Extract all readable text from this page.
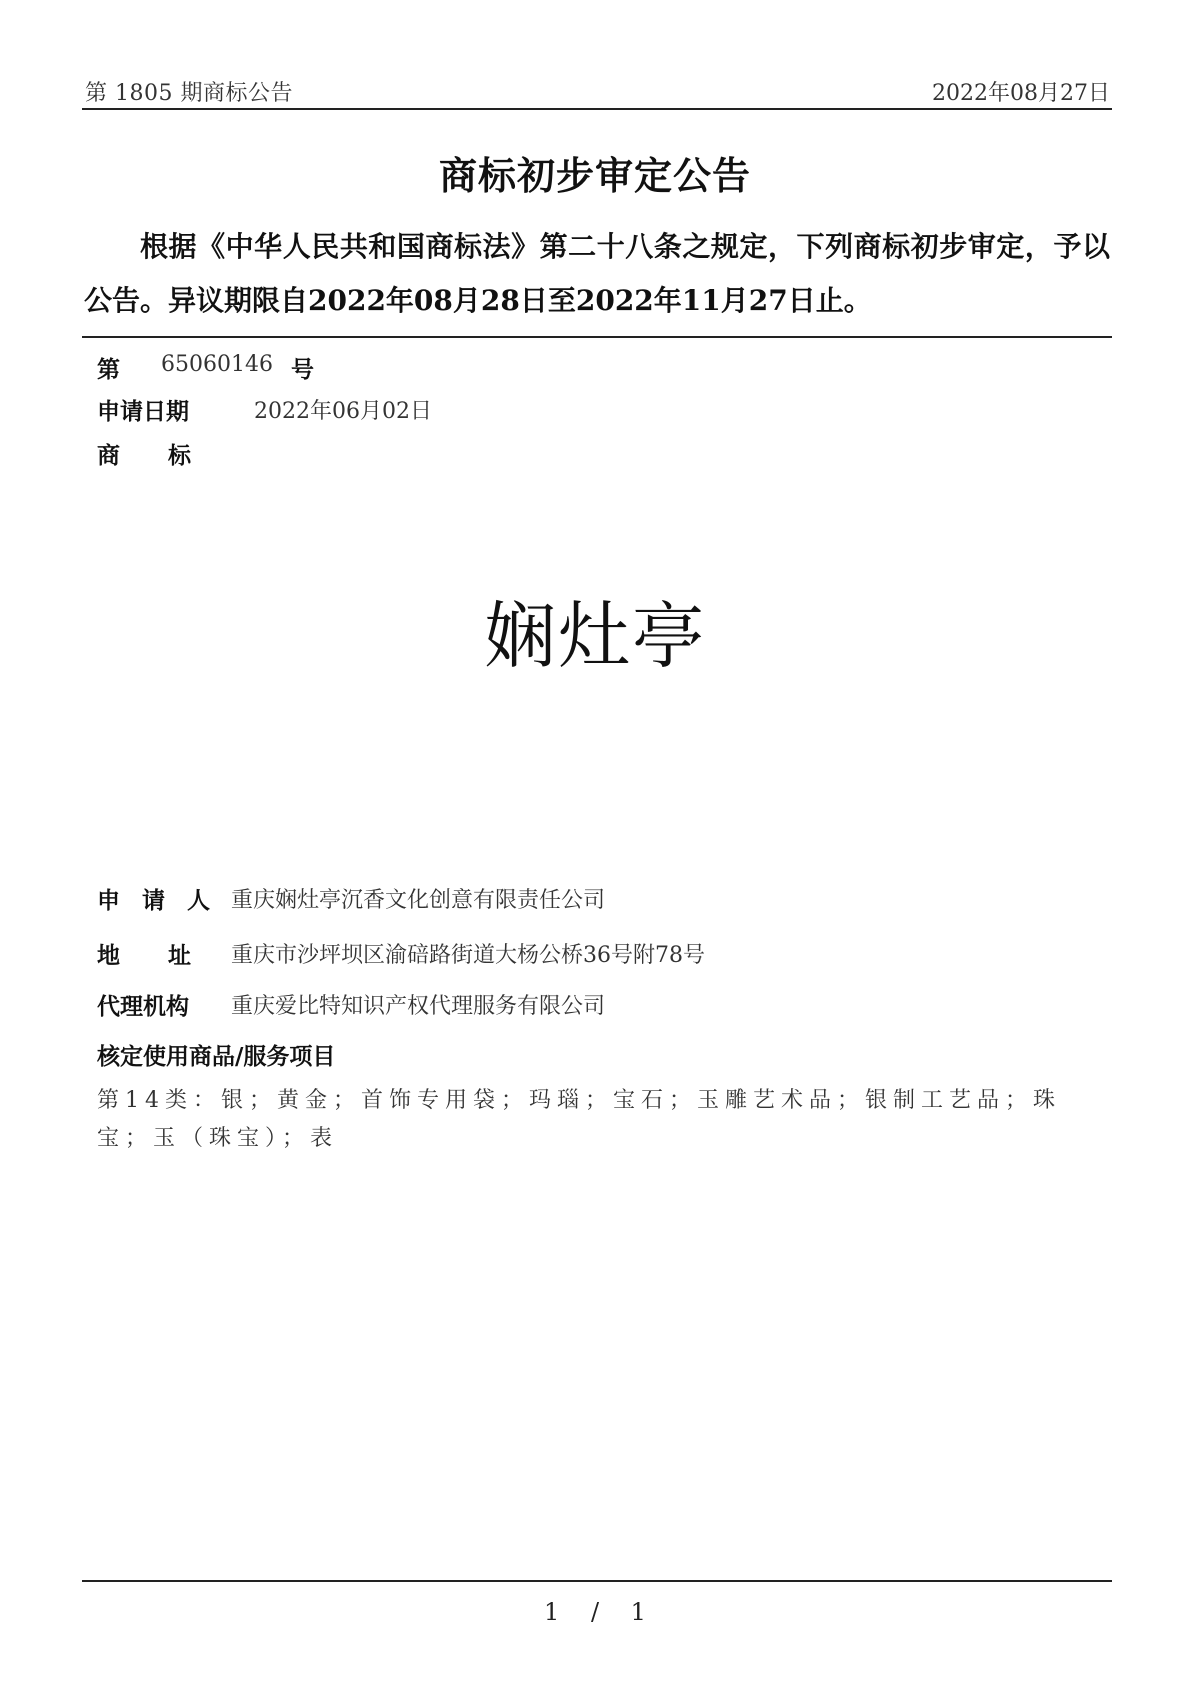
第 1805 期商标公告	2022年08月27日
商标初步审定公告

根据《中华人民共和国商标法》第二十八条之规定，下列商标初步审定，予以公告。异议期限自2022年08月28日至2022年11月27日止。

第 65060146 号
申请日期	2022年06月02日
商标
娴灶亭
申请人 重庆娴灶亭沉香文化创意有限责任公司
地址
重庆市沙坪坝区渝碚路街道大杨公桥36号附78号
代理机构 重庆爱比特知识产权代理服务有限公司
核定使用商品/服务项目

第14类：银；黄金；首饰专用袋；玛瑙；宝石；玉雕艺术品；银制工艺品；珠宝；玉（珠宝）；表

1 / 1
